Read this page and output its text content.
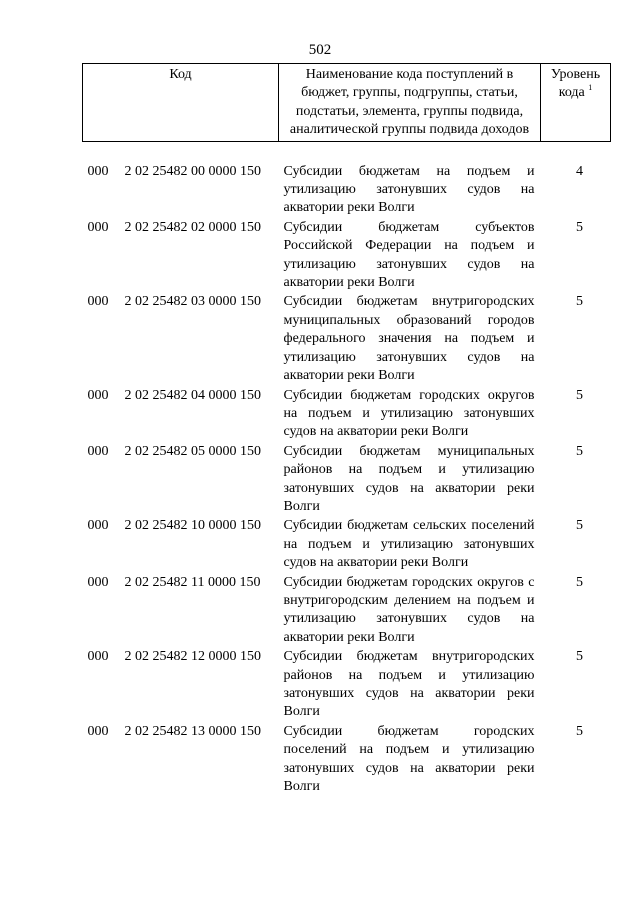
502
Код	Наименование кода поступлений в бюджет, группы, подгруппы, статьи, подстатьи, элемента, группы подвида, аналитической группы подвида доходов	Уровень кода $^1$

000 2 02 25482 00 0000 150	Субсидии бюджетам на подъем и утилизацию затонувших судов на акватории реки Волги	4
000 2 02 25482 02 0000 150	Субсидии бюджетам субъектов Российской Федерации на подъем и утилизацию затонувших судов на акватории реки Волги	5
000 2 02 25482 03 0000 150	Субсидии бюджетам внутригородских муниципальных образований городов федерального значения на подъем и утилизацию затонувших судов на акватории реки Волги	5
000 2 02 25482 04 0000 150	Субсидии бюджетам городских округов на подъем и утилизацию затонувших судов на акватории реки Волги	5
000 2 02 25482 05 0000 150	Субсидии бюджетам муниципальных районов на подъем и утилизацию затонувших судов на акватории реки Волги	5
000 2 02 25482 10 0000 150	Субсидии бюджетам сельских поселений на подъем и утилизацию затонувших судов на акватории реки Волги	5
000 2 02 25482 11 0000 150	Субсидии бюджетам городских округов с внутригородским делением на подъем и утилизацию затонувших судов на акватории реки Волги	5
000 2 02 25482 12 0000 150	Субсидии бюджетам внутригородских районов на подъем и утилизацию затонувших судов на акватории реки Волги	5
000 2 02 25482 13 0000 150	Субсидии бюджетам городских поселений на подъем и утилизацию затонувших судов на акватории реки Волги	5
